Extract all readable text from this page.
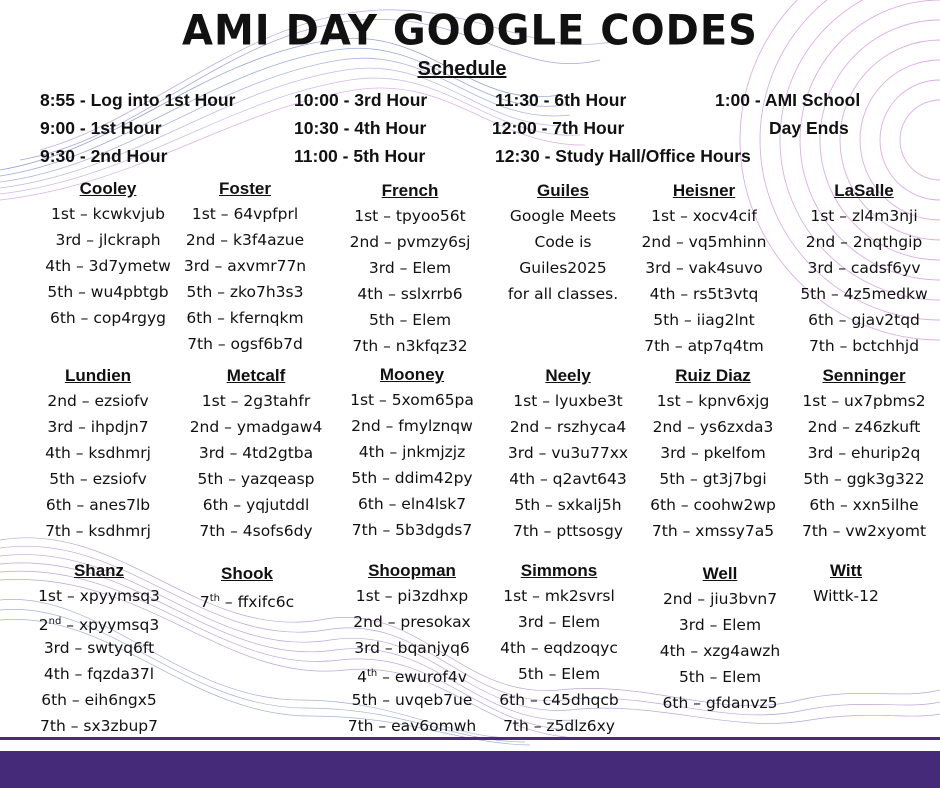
AMI DAY GOOGLE CODES
Schedule
8:55 - Log into 1st Hour
9:00 - 1st Hour
9:30 - 2nd Hour
10:00 - 3rd Hour
10:30 - 4th Hour
11:00 - 5th Hour
11:30 - 6th Hour
12:00 - 7th Hour
12:30 - Study Hall/Office Hours
1:00 - AMI School
Day Ends
Cooley
1st – kcwkvjub
3rd – jlckraph
4th – 3d7ymetw
5th – wu4pbtgb
6th – cop4rgyg
Foster
1st – 64vpfprl
2nd – k3f4azue
3rd – axvmr77n
5th – zko7h3s3
6th – kfernqkm
7th – ogsf6b7d
French
1st – tpyoo56t
2nd – pvmzy6sj
3rd – Elem
4th – sslxrrb6
5th – Elem
7th – n3kfqz32
Guiles
Google Meets
Code is
Guiles2025
for all classes.
Heisner
1st – xocv4cif
2nd – vq5mhinn
3rd – vak4suvo
4th – rs5t3vtq
5th – iiag2lnt
7th – atp7q4tm
LaSalle
1st – zl4m3nji
2nd – 2nqthgip
3rd – cadsf6yv
5th – 4z5medkw
6th – gjav2tqd
7th – bctchhjd
Lundien
2nd – ezsiofv
3rd – ihpdjn7
4th – ksdhmrj
5th – ezsiofv
6th – anes7lb
7th – ksdhmrj
Metcalf
1st – 2g3tahfr
2nd – ymadgaw4
3rd – 4td2gtba
5th – yazqeasp
6th – yqjutddl
7th – 4sofs6dy
Mooney
1st – 5xom65pa
2nd – fmylznqw
4th – jnkmjzjz
5th – ddim42py
6th – eln4lsk7
7th – 5b3dgds7
Neely
1st – lyuxbe3t
2nd – rszhyca4
3rd – vu3u77xx
4th – q2avt643
5th – sxkalj5h
7th – pttsosgy
Ruiz Diaz
1st – kpnv6xjg
2nd – ys6zxda3
3rd – pkelfom
5th – gt3j7bgi
6th – coohw2wp
7th – xmssy7a5
Senninger
1st – ux7pbms2
2nd – z46zkuft
3rd – ehurip2q
5th – ggk3g322
6th – xxn5ilhe
7th – vw2xyomt
Shanz
1st – xpyymsq3
2nd – xpyymsq3
3rd – swtyq6ft
4th – fqzda37l
6th – eih6ngx5
7th – sx3zbup7
Shook
7th – ffxifc6c
Shoopman
1st – pi3zdhxp
2nd – presokax
3rd – bqanjyq6
4th – ewurof4v
5th – uvqeb7ue
7th – eav6omwh
Simmons
1st – mk2svrsl
3rd – Elem
4th – eqdzoqyc
5th – Elem
6th – c45dhqcb
7th – z5dlz6xy
Well
2nd – jiu3bvn7
3rd – Elem
4th – xzg4awzh
5th – Elem
6th – gfdanvz5
Witt
Wittk-12
